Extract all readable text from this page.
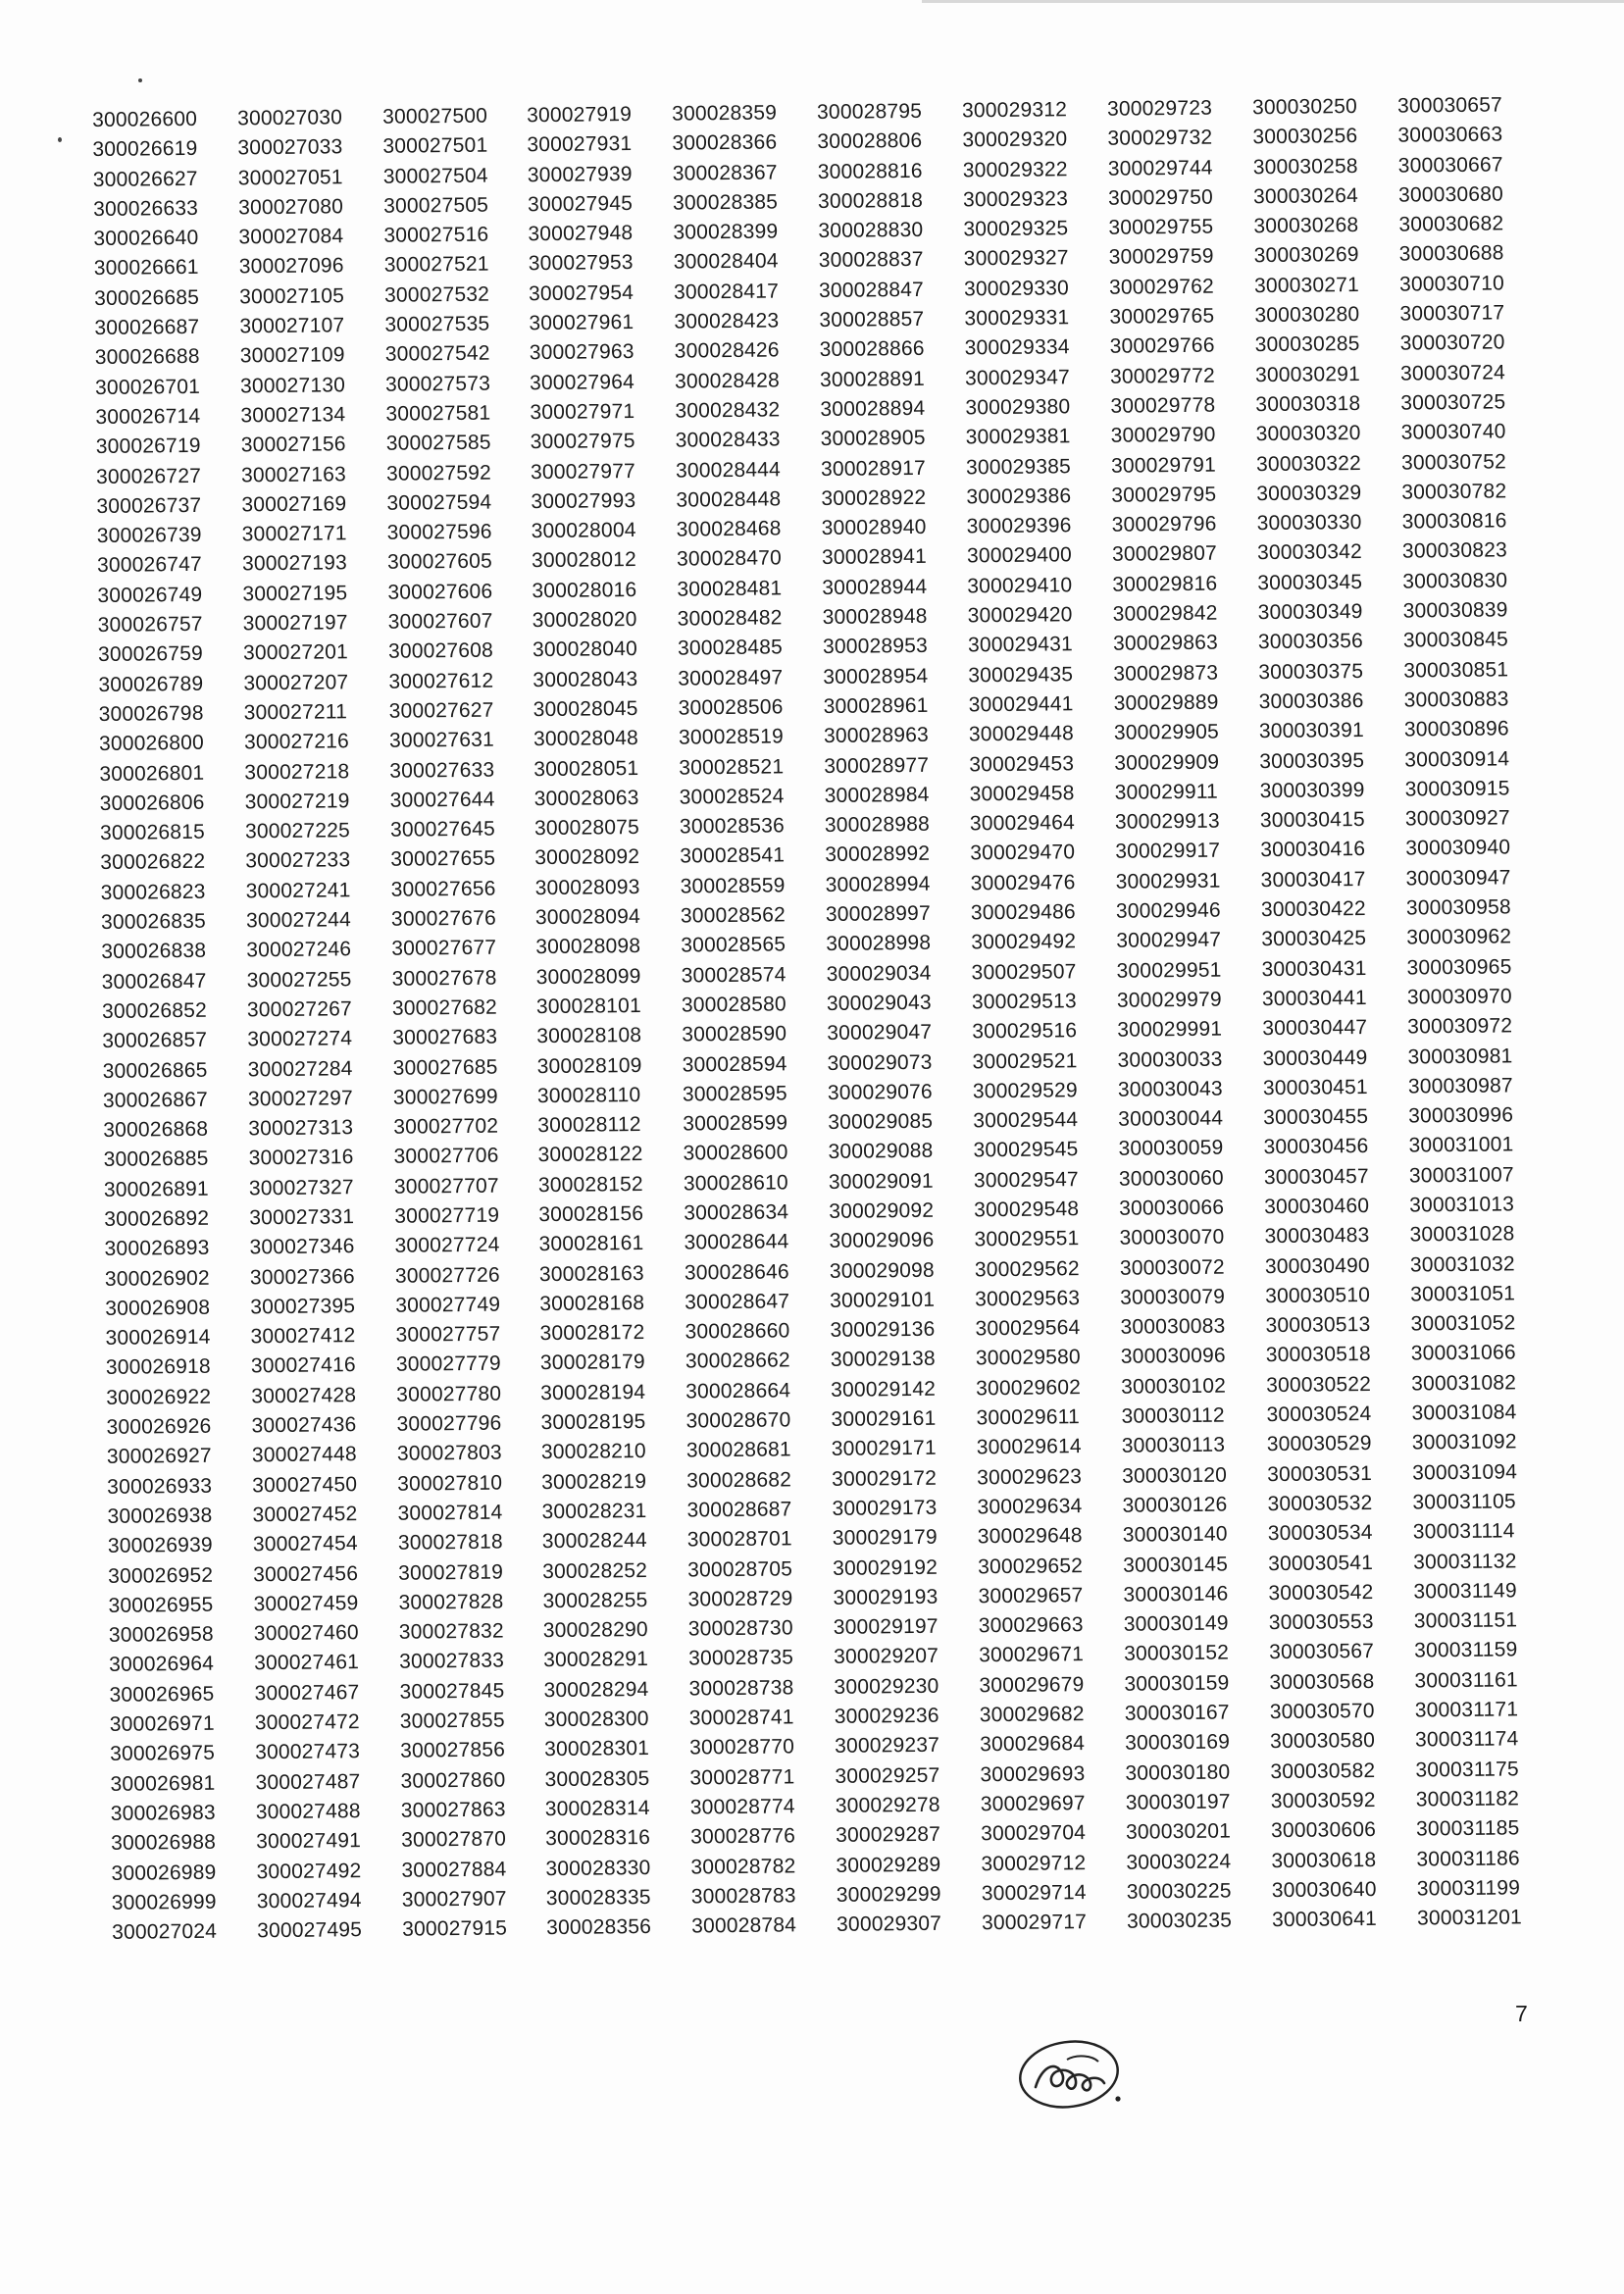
300026600
300026619
300026627
300026633
300026640
300026661
300026685
300026687
300026688
300026701
300026714
300026719
300026727
300026737
300026739
300026747
300026749
300026757
300026759
300026789
300026798
300026800
300026801
300026806
300026815
300026822
300026823
300026835
300026838
300026847
300026852
300026857
300026865
300026867
300026868
300026885
300026891
300026892
300026893
300026902
300026908
300026914
300026918
300026922
300026926
300026927
300026933
300026938
300026939
300026952
300026955
300026958
300026964
300026965
300026971
300026975
300026981
300026983
300026988
300026989
300026999
300027024
300027030
300027033
300027051
300027080
300027084
300027096
300027105
300027107
300027109
300027130
300027134
300027156
300027163
300027169
300027171
300027193
300027195
300027197
300027201
300027207
300027211
300027216
300027218
300027219
300027225
300027233
300027241
300027244
300027246
300027255
300027267
300027274
300027284
300027297
300027313
300027316
300027327
300027331
300027346
300027366
300027395
300027412
300027416
300027428
300027436
300027448
300027450
300027452
300027454
300027456
300027459
300027460
300027461
300027467
300027472
300027473
300027487
300027488
300027491
300027492
300027494
300027495
300027500
300027501
300027504
300027505
300027516
300027521
300027532
300027535
300027542
300027573
300027581
300027585
300027592
300027594
300027596
300027605
300027606
300027607
300027608
300027612
300027627
300027631
300027633
300027644
300027645
300027655
300027656
300027676
300027677
300027678
300027682
300027683
300027685
300027699
300027702
300027706
300027707
300027719
300027724
300027726
300027749
300027757
300027779
300027780
300027796
300027803
300027810
300027814
300027818
300027819
300027828
300027832
300027833
300027845
300027855
300027856
300027860
300027863
300027870
300027884
300027907
300027915
300027919
300027931
300027939
300027945
300027948
300027953
300027954
300027961
300027963
300027964
300027971
300027975
300027977
300027993
300028004
300028012
300028016
300028020
300028040
300028043
300028045
300028048
300028051
300028063
300028075
300028092
300028093
300028094
300028098
300028099
300028101
300028108
300028109
300028110
300028112
300028122
300028152
300028156
300028161
300028163
300028168
300028172
300028179
300028194
300028195
300028210
300028219
300028231
300028244
300028252
300028255
300028290
300028291
300028294
300028300
300028301
300028305
300028314
300028316
300028330
300028335
300028356
300028359
300028366
300028367
300028385
300028399
300028404
300028417
300028423
300028426
300028428
300028432
300028433
300028444
300028448
300028468
300028470
300028481
300028482
300028485
300028497
300028506
300028519
300028521
300028524
300028536
300028541
300028559
300028562
300028565
300028574
300028580
300028590
300028594
300028595
300028599
300028600
300028610
300028634
300028644
300028646
300028647
300028660
300028662
300028664
300028670
300028681
300028682
300028687
300028701
300028705
300028729
300028730
300028735
300028738
300028741
300028770
300028771
300028774
300028776
300028782
300028783
300028784
300028795
300028806
300028816
300028818
300028830
300028837
300028847
300028857
300028866
300028891
300028894
300028905
300028917
300028922
300028940
300028941
300028944
300028948
300028953
300028954
300028961
300028963
300028977
300028984
300028988
300028992
300028994
300028997
300028998
300029034
300029043
300029047
300029073
300029076
300029085
300029088
300029091
300029092
300029096
300029098
300029101
300029136
300029138
300029142
300029161
300029171
300029172
300029173
300029179
300029192
300029193
300029197
300029207
300029230
300029236
300029237
300029257
300029278
300029287
300029289
300029299
300029307
300029312
300029320
300029322
300029323
300029325
300029327
300029330
300029331
300029334
300029347
300029380
300029381
300029385
300029386
300029396
300029400
300029410
300029420
300029431
300029435
300029441
300029448
300029453
300029458
300029464
300029470
300029476
300029486
300029492
300029507
300029513
300029516
300029521
300029529
300029544
300029545
300029547
300029548
300029551
300029562
300029563
300029564
300029580
300029602
300029611
300029614
300029623
300029634
300029648
300029652
300029657
300029663
300029671
300029679
300029682
300029684
300029693
300029697
300029704
300029712
300029714
300029717
300029723
300029732
300029744
300029750
300029755
300029759
300029762
300029765
300029766
300029772
300029778
300029790
300029791
300029795
300029796
300029807
300029816
300029842
300029863
300029873
300029889
300029905
300029909
300029911
300029913
300029917
300029931
300029946
300029947
300029951
300029979
300029991
300030033
300030043
300030044
300030059
300030060
300030066
300030070
300030072
300030079
300030083
300030096
300030102
300030112
300030113
300030120
300030126
300030140
300030145
300030146
300030149
300030152
300030159
300030167
300030169
300030180
300030197
300030201
300030224
300030225
300030235
300030250
300030256
300030258
300030264
300030268
300030269
300030271
300030280
300030285
300030291
300030318
300030320
300030322
300030329
300030330
300030342
300030345
300030349
300030356
300030375
300030386
300030391
300030395
300030399
300030415
300030416
300030417
300030422
300030425
300030431
300030441
300030447
300030449
300030451
300030455
300030456
300030457
300030460
300030483
300030490
300030510
300030513
300030518
300030522
300030524
300030529
300030531
300030532
300030534
300030541
300030542
300030553
300030567
300030568
300030570
300030580
300030582
300030592
300030606
300030618
300030640
300030641
300030657
300030663
300030667
300030680
300030682
300030688
300030710
300030717
300030720
300030724
300030725
300030740
300030752
300030782
300030816
300030823
300030830
300030839
300030845
300030851
300030883
300030896
300030914
300030915
300030927
300030940
300030947
300030958
300030962
300030965
300030970
300030972
300030981
300030987
300030996
300031001
300031007
300031013
300031028
300031032
300031051
300031052
300031066
300031082
300031084
300031092
300031094
300031105
300031114
300031132
300031149
300031151
300031159
300031161
300031171
300031174
300031175
300031182
300031185
300031186
300031199
300031201
7
